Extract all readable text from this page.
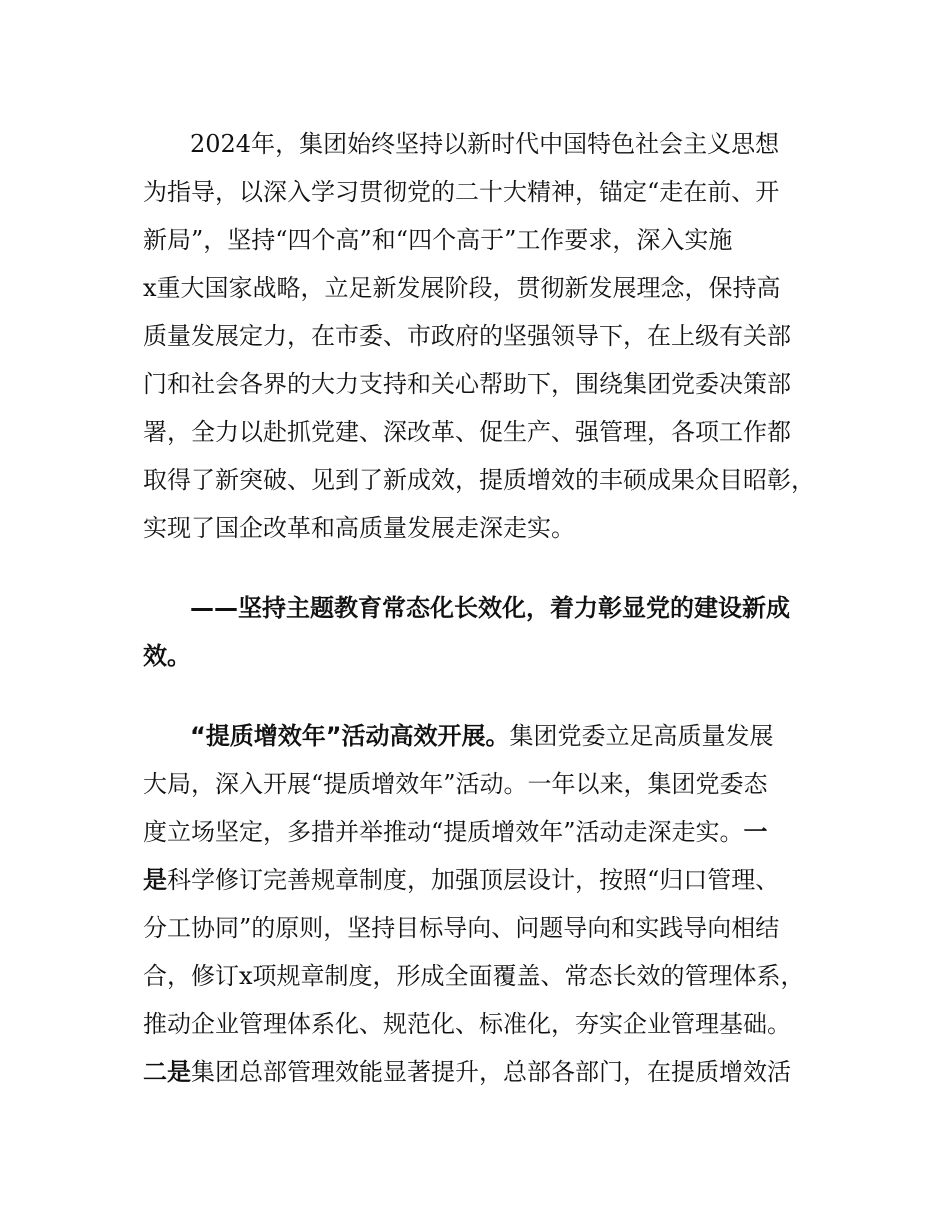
2024年，集团始终坚持以新时代中国特色社会主义思想
为指导，以深入学习贯彻党的二十大精神，锚定“走在前、开
新局”，坚持“四个高”和“四个高于”工作要求，深入实施
x重大国家战略，立足新发展阶段，贯彻新发展理念，保持高
质量发展定力，在市委、市政府的坚强领导下，在上级有关部
门和社会各界的大力支持和关心帮助下，围绕集团党委决策部
署，全力以赴抓党建、深改革、促生产、强管理，各项工作都
取得了新突破、见到了新成效，提质增效的丰硕成果众目昭彰，
实现了国企改革和高质量发展走深走实。
——坚持主题教育常态化长效化，着力彰显党的建设新成
效。
“提质增效年”活动高效开展。集团党委立足高质量发展
大局，深入开展“提质增效年”活动。一年以来，集团党委态
度立场坚定，多措并举推动“提质增效年”活动走深走实。一
是科学修订完善规章制度，加强顶层设计，按照“归口管理、
分工协同”的原则，坚持目标导向、问题导向和实践导向相结
合，修订x项规章制度，形成全面覆盖、常态长效的管理体系，
推动企业管理体系化、规范化、标准化，夯实企业管理基础。
二是集团总部管理效能显著提升，总部各部门，在提质增效活
